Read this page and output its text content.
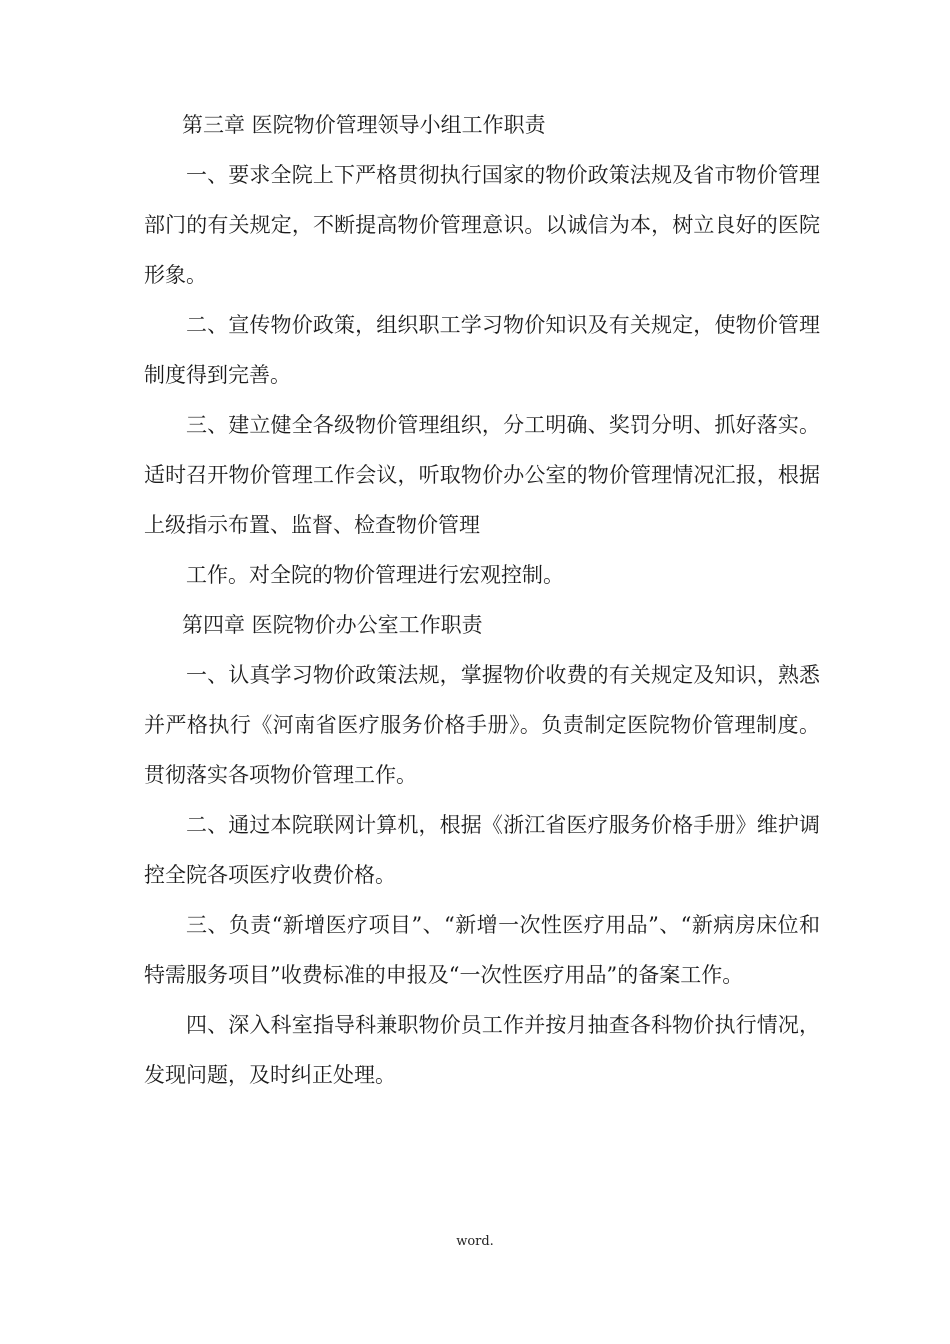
第三章 医院物价管理领导小组工作职责

一、要求全院上下严格贯彻执行国家的物价政策法规及省市物价管理部门的有关规定，不断提高物价管理意识。以诚信为本，树立良好的医院形象。

二、宣传物价政策，组织职工学习物价知识及有关规定，使物价管理制度得到完善。

三、建立健全各级物价管理组织，分工明确、奖罚分明、抓好落实。适时召开物价管理工作会议，听取物价办公室的物价管理情况汇报，根据上级指示布置、监督、检查物价管理

工作。对全院的物价管理进行宏观控制。

第四章 医院物价办公室工作职责

一、认真学习物价政策法规，掌握物价收费的有关规定及知识，熟悉并严格执行《河南省医疗服务价格手册》。负责制定医院物价管理制度。贯彻落实各项物价管理工作。

二、通过本院联网计算机，根据《浙江省医疗服务价格手册》维护调控全院各项医疗收费价格。

三、负责“新增医疗项目”、“新增一次性医疗用品”、“新病房床位和特需服务项目”收费标准的申报及“一次性医疗用品”的备案工作。

四、深入科室指导科兼职物价员工作并按月抽查各科物价执行情况，发现问题，及时纠正处理。

word.
